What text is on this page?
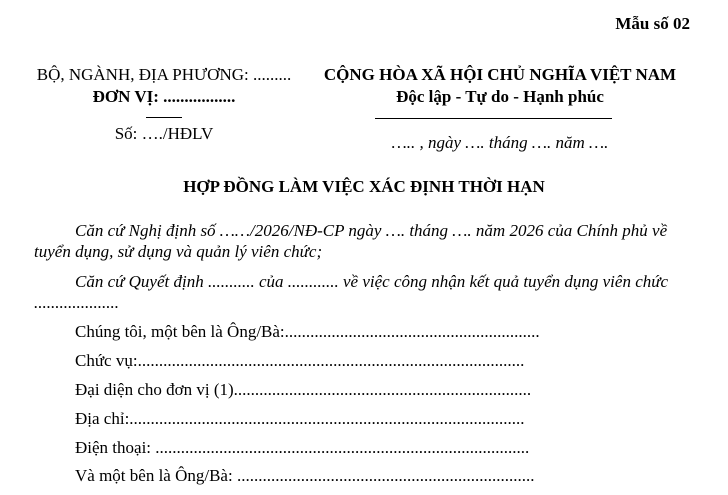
Mẫu số 02
BỘ, NGÀNH, ĐỊA PHƯƠNG: .........
ĐƠN VỊ: .................
Số: …./HĐLV
CỘNG HÒA XÃ HỘI CHỦ NGHĨA VIỆT NAM
Độc lập - Tự do - Hạnh phúc
….. , ngày …. tháng …. năm ….
HỢP ĐỒNG LÀM VIỆC XÁC ĐỊNH THỜI HẠN
Căn cứ Nghị định số ……/2026/NĐ-CP ngày …. tháng …. năm 2026 của Chính phủ về tuyển dụng, sử dụng và quản lý viên chức;
Căn cứ Quyết định ........... của ............ về việc công nhận kết quả tuyển dụng viên chức ....................
Chúng tôi, một bên là Ông/Bà:............................................................
Chức vụ:...........................................................................................
Đại diện cho đơn vị (1)......................................................................
Địa chỉ:.............................................................................................
Điện thoại: ........................................................................................
Và một bên là Ông/Bà: ......................................................................
